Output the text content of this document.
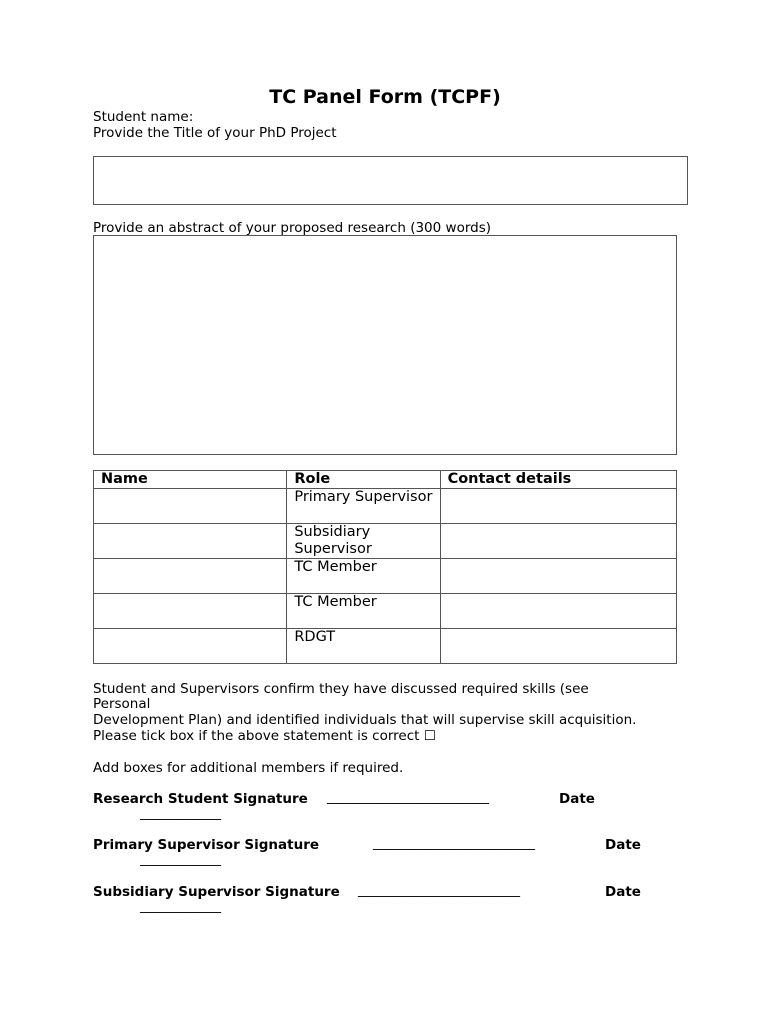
TC Panel Form (TCPF)
Student name:
Provide the Title of your PhD Project
Provide an abstract of your proposed research (300 words)
Name	Role	Contact details
	Primary Supervisor	
	Subsidiary Supervisor	
	TC Member	
	TC Member	
	RDGT	
Student and Supervisors confirm they have discussed required skills (see
Personal
Development Plan) and identified individuals that will supervise skill acquisition.
Please tick box if the above statement is correct ☐
Add boxes for additional members if required.
Research Student Signature ________________________	Date
____________
Primary Supervisor Signature	________________________	Date
____________
Subsidiary Supervisor Signature ________________________	Date
____________
